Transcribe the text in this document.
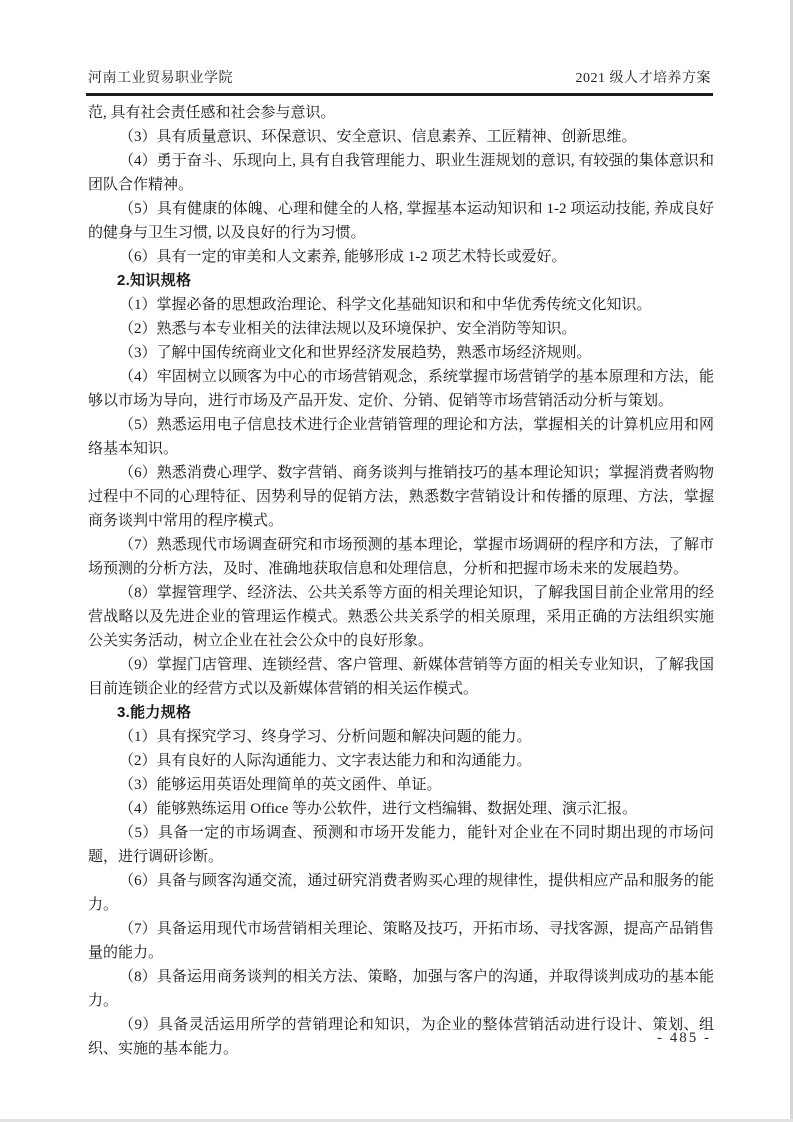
河南工业贸易职业学院	2021 级人才培养方案

范, 具有社会责任感和社会参与意识。

（3）具有质量意识、环保意识、安全意识、信息素养、工匠精神、创新思维。

（4）勇于奋斗、乐现向上, 具有自我管理能力、职业生涯规划的意识, 有较强的集体意识和团队合作精神。

（5）具有健康的体魄、心理和健全的人格, 掌握基本运动知识和 1-2 项运动技能, 养成良好的健身与卫生习惯, 以及良好的行为习惯。

（6）具有一定的审美和人文素养, 能够形成 1-2 项艺术特长或爱好。

2.知识规格

（1）掌握必备的思想政治理论、科学文化基础知识和和中华优秀传统文化知识。

（2）熟悉与本专业相关的法律法规以及环境保护、安全消防等知识。

（3）了解中国传统商业文化和世界经济发展趋势，熟悉市场经济规则。

（4）牢固树立以顾客为中心的市场营销观念，系统掌握市场营销学的基本原理和方法，能够以市场为导向，进行市场及产品开发、定价、分销、促销等市场营销活动分析与策划。

（5）熟悉运用电子信息技术进行企业营销管理的理论和方法，掌握相关的计算机应用和网络基本知识。

（6）熟悉消费心理学、数字营销、商务谈判与推销技巧的基本理论知识；掌握消费者购物过程中不同的心理特征、因势利导的促销方法，熟悉数字营销设计和传播的原理、方法，掌握商务谈判中常用的程序模式。

（7）熟悉现代市场调查研究和市场预测的基本理论，掌握市场调研的程序和方法，了解市场预测的分析方法，及时、准确地获取信息和处理信息，分析和把握市场未来的发展趋势。

（8）掌握管理学、经济法、公共关系等方面的相关理论知识，了解我国目前企业常用的经营战略以及先进企业的管理运作模式。熟悉公共关系学的相关原理，采用正确的方法组织实施公关实务活动，树立企业在社会公众中的良好形象。

（9）掌握门店管理、连锁经营、客户管理、新媒体营销等方面的相关专业知识，了解我国目前连锁企业的经营方式以及新媒体营销的相关运作模式。

3.能力规格

（1）具有探究学习、终身学习、分析问题和解决问题的能力。

（2）具有良好的人际沟通能力、文字表达能力和和沟通能力。

（3）能够运用英语处理简单的英文函件、单证。

（4）能够熟练运用 Office 等办公软件，进行文档编辑、数据处理、演示汇报。

（5）具备一定的市场调查、预测和市场开发能力，能针对企业在不同时期出现的市场问题，进行调研诊断。

（6）具备与顾客沟通交流，通过研究消费者购买心理的规律性，提供相应产品和服务的能力。

（7）具备运用现代市场营销相关理论、策略及技巧，开拓市场、寻找客源，提高产品销售量的能力。

（8）具备运用商务谈判的相关方法、策略，加强与客户的沟通，并取得谈判成功的基本能力。

（9）具备灵活运用所学的营销理论和知识，为企业的整体营销活动进行设计、策划、组织、实施的基本能力。

- 485 -
